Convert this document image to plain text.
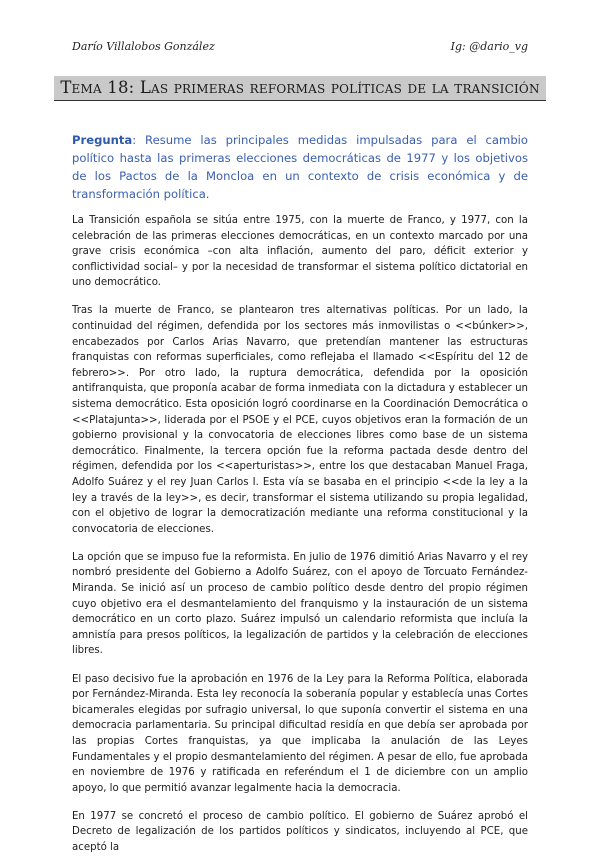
Darío Villalobos González	Ig: @dario_vg
Tema 18: Las primeras reformas políticas de la transición
Pregunta: Resume las principales medidas impulsadas para el cambio político hasta las primeras elecciones democráticas de 1977 y los objetivos de los Pactos de la Moncloa en un contexto de crisis económica y de transformación política.

La Transición española se sitúa entre 1975, con la muerte de Franco, y 1977, con la celebración de las primeras elecciones democráticas, en un contexto marcado por una grave crisis económica –con alta inflación, aumento del paro, déficit exterior y conflictividad social– y por la necesidad de transformar el sistema político dictatorial en uno democrático.

Tras la muerte de Franco, se plantearon tres alternativas políticas. Por un lado, la continuidad del régimen, defendida por los sectores más inmovilistas o <<búnker>>, encabezados por Carlos Arias Navarro, que pretendían mantener las estructuras franquistas con reformas superficiales, como reflejaba el llamado <<Espíritu del 12 de febrero>>. Por otro lado, la ruptura democrática, defendida por la oposición antifranquista, que proponía acabar de forma inmediata con la dictadura y establecer un sistema democrático. Esta oposición logró coordinarse en la Coordinación Democrática o <<Platajunta>>, liderada por el PSOE y el PCE, cuyos objetivos eran la formación de un gobierno provisional y la convocatoria de elecciones libres como base de un sistema democrático. Finalmente, la tercera opción fue la reforma pactada desde dentro del régimen, defendida por los <<aperturistas>>, entre los que destacaban Manuel Fraga, Adolfo Suárez y el rey Juan Carlos I. Esta vía se basaba en el principio <<de la ley a la ley a través de la ley>>, es decir, transformar el sistema utilizando su propia legalidad, con el objetivo de lograr la democratización mediante una reforma constitucional y la convocatoria de elecciones.

La opción que se impuso fue la reformista. En julio de 1976 dimitió Arias Navarro y el rey nombró presidente del Gobierno a Adolfo Suárez, con el apoyo de Torcuato Fernández-Miranda. Se inició así un proceso de cambio político desde dentro del propio régimen cuyo objetivo era el desmantelamiento del franquismo y la instauración de un sistema democrático en un corto plazo. Suárez impulsó un calendario reformista que incluía la amnistía para presos políticos, la legalización de partidos y la celebración de elecciones libres.

El paso decisivo fue la aprobación en 1976 de la Ley para la Reforma Política, elaborada por Fernández-Miranda. Esta ley reconocía la soberanía popular y establecía unas Cortes bicamerales elegidas por sufragio universal, lo que suponía convertir el sistema en una democracia parlamentaria. Su principal dificultad residía en que debía ser aprobada por las propias Cortes franquistas, ya que implicaba la anulación de las Leyes Fundamentales y el propio desmantelamiento del régimen. A pesar de ello, fue aprobada en noviembre de 1976 y ratificada en referéndum el 1 de diciembre con un amplio apoyo, lo que permitió avanzar legalmente hacia la democracia.

En 1977 se concretó el proceso de cambio político. El gobierno de Suárez aprobó el Decreto de legalización de los partidos políticos y sindicatos, incluyendo al PCE, que aceptó la
